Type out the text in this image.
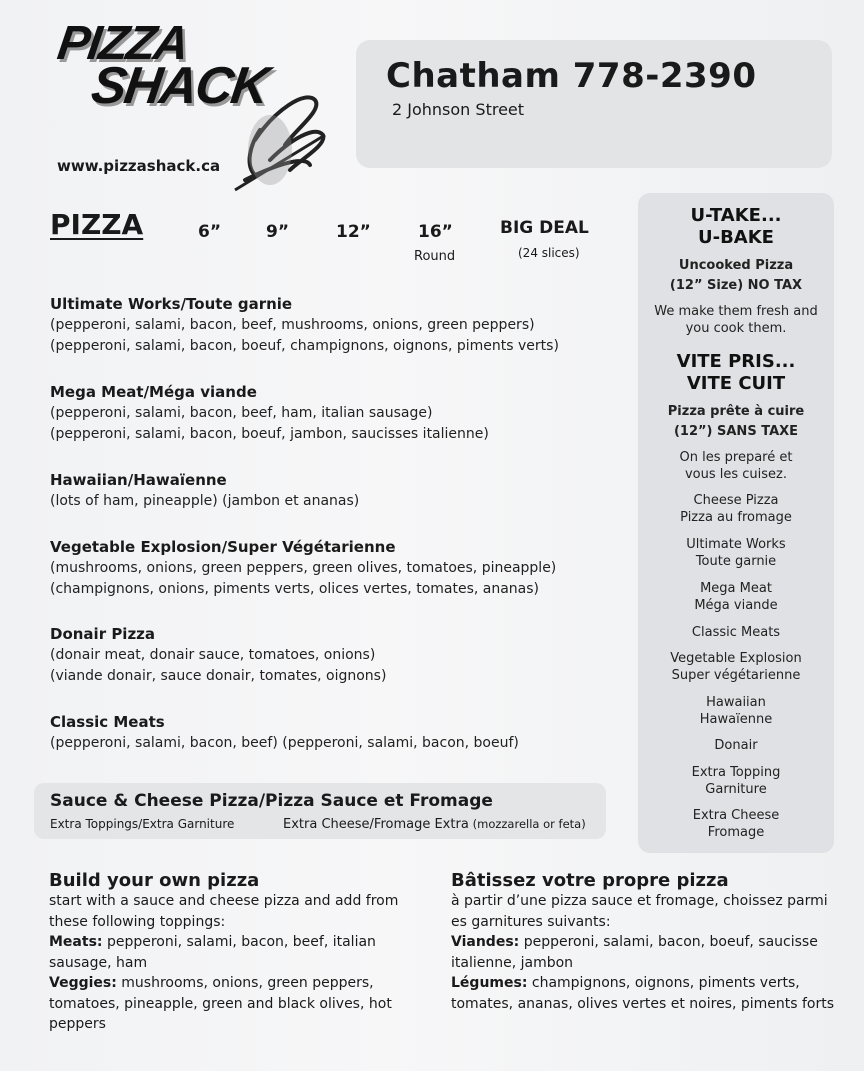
PIZZA
SHACK
www.pizzashack.ca
Chatham 778-2390
2 Johnson Street
PIZZA	6”	9”	12”	16”
Round
BIG DEAL
(24 slices)
Ultimate Works/Toute garnie
(pepperoni, salami, bacon, beef, mushrooms, onions, green peppers)
(pepperoni, salami, bacon, boeuf, champignons, oignons, piments verts)
Mega Meat/Méga viande
(pepperoni, salami, bacon, beef, ham, italian sausage)
(pepperoni, salami, bacon, boeuf, jambon, saucisses italienne)
Hawaiian/Hawaïenne
(lots of ham, pineapple) (jambon et ananas)
Vegetable Explosion/Super Végétarienne
(mushrooms, onions, green peppers, green olives, tomatoes, pineapple)
(champignons, onions, piments verts, olices vertes, tomates, ananas)
Donair Pizza
(donair meat, donair sauce, tomatoes, onions)
(viande donair, sauce donair, tomates, oignons)
Classic Meats
(pepperoni, salami, bacon, beef) (pepperoni, salami, bacon, boeuf)
Sauce & Cheese Pizza/Pizza Sauce et Fromage
Extra Toppings/Extra Garniture	Extra Cheese/Fromage Extra (mozzarella or feta)
Build your own pizza
start with a sauce and cheese pizza and add from
these following toppings:
Meats: pepperoni, salami, bacon, beef, italian
sausage, ham
Veggies: mushrooms, onions, green peppers,
tomatoes, pineapple, green and black olives, hot
peppers
Bâtissez votre propre pizza
à partir d’une pizza sauce et fromage, choissez parmi
es garnitures suivants:
Viandes: pepperoni, salami, bacon, boeuf, saucisse
italienne, jambon
Légumes: champignons, oignons, piments verts,
tomates, ananas, olives vertes et noires, piments forts
U-TAKE...
U-BAKE
Uncooked Pizza
(12” Size) NO TAX
We make them fresh and
you cook them.
VITE PRIS...
VITE CUIT
Pizza prête à cuire
(12”) SANS TAXE
On les preparé et
vous les cuisez.
Cheese Pizza
Pizza au fromage
Ultimate Works
Toute garnie
Mega Meat
Méga viande
Classic Meats
Vegetable Explosion
Super végétarienne
Hawaiian
Hawaïenne
Donair
Extra Topping
Garniture
Extra Cheese
Fromage
